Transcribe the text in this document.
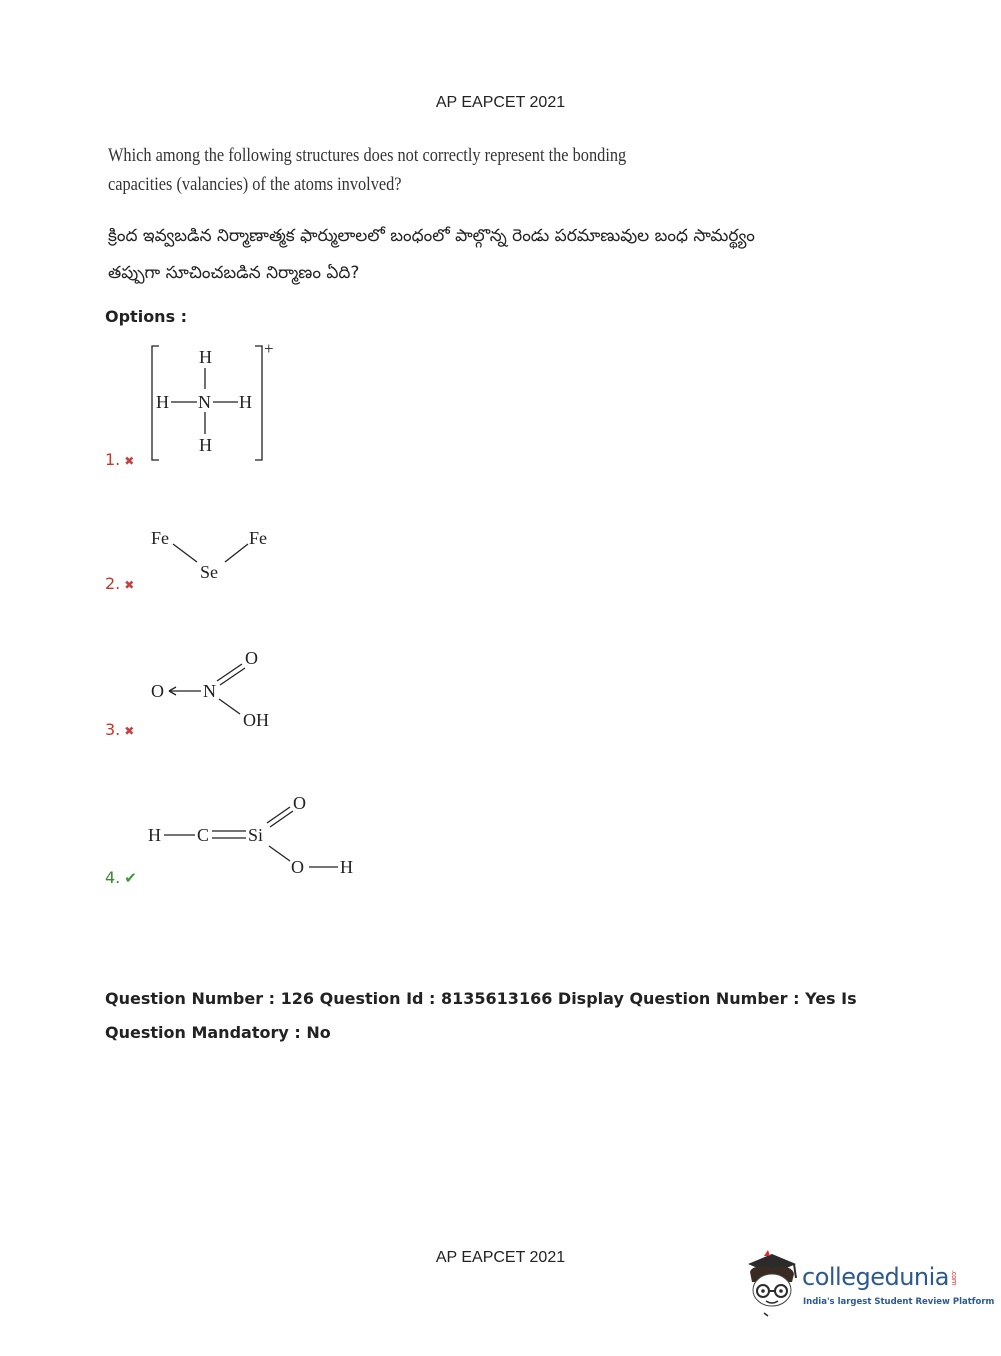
AP EAPCET 2021
Which among the following structures does not correctly represent the bonding capacities (valancies) of the atoms involved?
క్రింద ఇవ్వబడిన నిర్మాణాత్మక ఫార్ములాలలో బంధంలో పాల్గొన్న రెండు పరమాణువుల బంధ సామర్థ్యం తప్పుగా సూచించబడిన నిర్మాణం ఏది?
Options :
+
H
H N H
H
1. ✖
Fe
Se
Fe
2. ✖
O N
O
OH
3. ✖
H C Si
O
O H
4. ✔
Question Number : 126 Question Id : 8135613166 Display Question Number : Yes Is Question Mandatory : No
AP EAPCET 2021
collegedunia.com
India's largest Student Review Platform
